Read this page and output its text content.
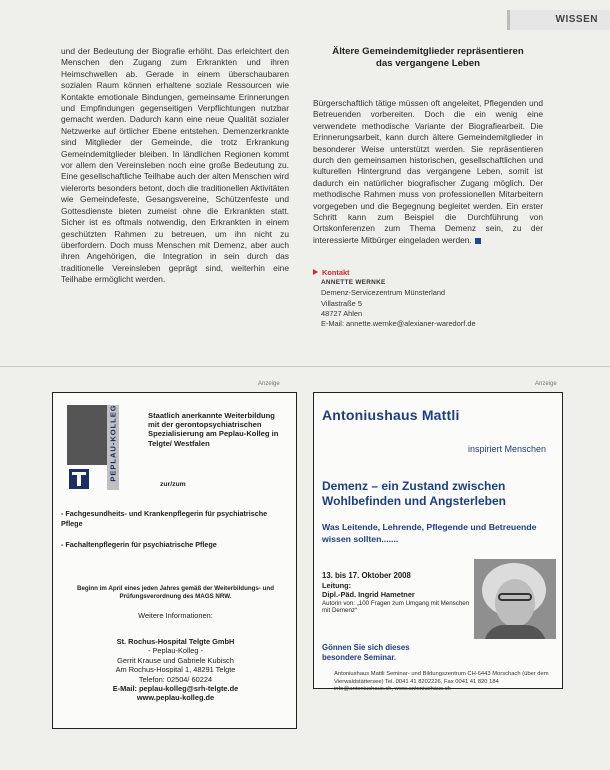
WISSEN
und der Bedeutung der Biografie erhöht. Das erleichtert den Menschen den Zugang zum Erkrankten und ihren Heimschwellen ab. Gerade in einem überschaubaren sozialen Raum können erhaltene soziale Ressourcen wie Kontakte emotionale Bindungen, gemeinsame Erinnerungen und Empfindungen gegenseitigen Verpflichtungen nutzbar gemacht werden. Dadurch kann eine neue Qualität sozialer Netzwerke auf örtlicher Ebene entstehen. Demenzerkrankte sind Mitglieder der Gemeinde, die trotz Erkrankung Gemeindemitglieder bleiben. In ländlichen Regionen kommt vor allem den Vereinsleben noch eine große Bedeutung zu. Eine gesellschaftliche Teilhabe auch der alten Menschen wird vielerorts besonders betont, doch die traditionellen Aktivitäten wie Gemeindefeste, Gesangsvereine, Schützenfeste und Gottesdienste bieten zumeist ohne die Erkrankten statt. Sicher ist es oftmals notwendig, den Erkrankten in einem geschützten Rahmen zu betreuen, um ihn nicht zu überfordern. Doch muss Menschen mit Demenz, aber auch ihren Angehörigen, die Integration in sein durch das traditionelle Vereinsleben geprägt sind, weiterhin eine Teilhabe ermöglicht werden.
Ältere Gemeindemitglieder repräsentieren
das vergangene Leben
Bürgerschaftlich tätige müssen oft angeleitet, Pflegenden und Betreuenden vorbereiten. Doch die ein wenig eine verwendete methodische Variante der Biografiearbeit. Die Erinnerungsarbeit, kann durch ältere Gemeindemitglieder in besonderer Weise unterstützt werden. Sie repräsentieren durch den gemeinsamen historischen, gesellschaftlichen und kulturellen Hintergrund das vergangene Leben, somit ist dadurch ein natürlicher biografischer Zugang möglich. Der methodische Rahmen muss von professionellen Mitarbeitern vorgegeben und die Begegnung begleitet werden. Ein erster Schritt kann zum Beispiel die Durchführung von Ortskonferenzen zum Thema Demenz sein, zu der interessierte Mitbürger eingeladen werden.
Kontakt
ANNETTE WERNKE
Demenz-Servicezentrum Münsterland
Villastraße 5
48727 Ahlen
E-Mail: annette.wernke@alexianer-waredorf.de
Anzeige	Anzeige
PEPLAU-KOLLEG	Staatlich anerkannte Weiterbildung mit der gerontopsychiatrischen Spezialisierung am Peplau-Kolleg in Telgte/ Westfalen
zur/zum

- Fachgesundheits- und Krankenpflegerin für psychiatrische Pflege

- Fachaltenpflegerin für psychiatrische Pflege

Beginn im April eines jeden Jahres gemäß der Weiterbildungs- und Prüfungsverordnung des MAGS NRW.
Weitere Informationen:
St. Rochus-Hospital Telgte GmbH
- Peplau-Kolleg -
Gerrit Krause und Gabriele Kubisch
Am Rochus-Hospital 1, 48291 Telgte
Telefon: 02504/ 60224
E-Mail: peplau-kolleg@srh-telgte.de
www.peplau-kolleg.de
Antoniushaus Mattli
inspiriert Menschen
Demenz – ein Zustand zwischen Wohlbefinden und Angsterleben
Was Leitende, Lehrende, Pflegende und Betreuende wissen sollten.......
13. bis 17. Oktober 2008
Leitung:
Dipl.-Päd. Ingrid Hametner
Autorin von: „100 Fragen zum Umgang mit Menschen mit Demenz“
Gönnen Sie sich dieses
besondere Seminar.
Antoniushaus Mattli Seminar- und Bildungszentrum CH-6443 Morschach (über dem Vierwaldstättersee) Tel. 0041 41 8202226, Fax 0041 41 820 184 info@antoniushaus.ch, www.antoniushaus.ch
